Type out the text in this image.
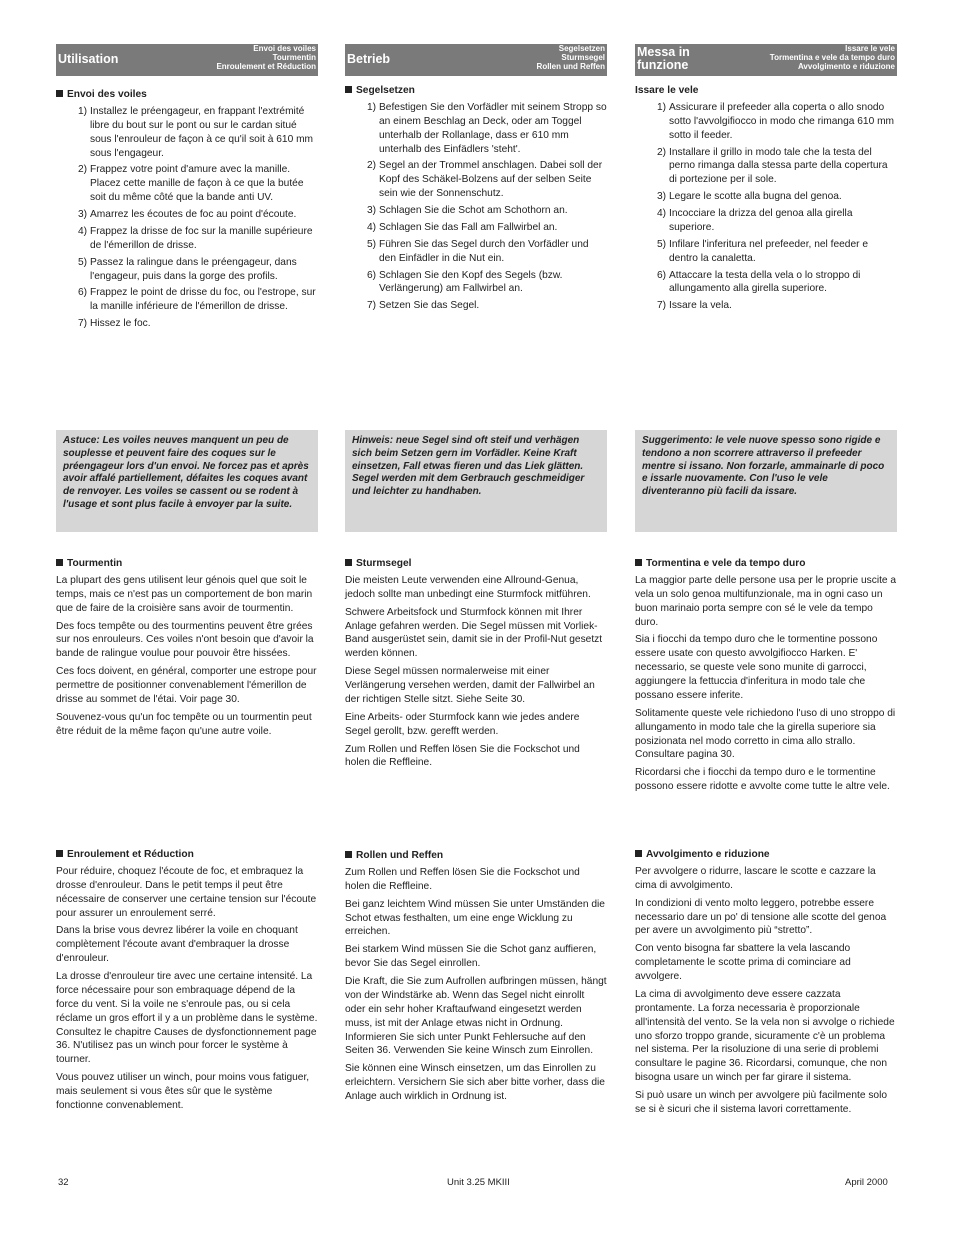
Utilisation
Envoi des voiles
Tourmentin
Enroulement et Réduction
Envoi des voiles
1) Installez le préengageur, en frappant l'extrémité libre du bout sur le pont ou sur le cardan situé sous l'enrouleur de façon à ce qu'il soit à 610 mm sous l'engageur.
2) Frappez votre point d'amure avec la manille. Placez cette manille de façon à ce que la butée soit du même côté que la bande anti UV.
3) Amarrez les écoutes de foc au point d'écoute.
4) Frappez la drisse de foc sur la manille supérieure de l'émerillon de drisse.
5) Passez la ralingue dans le préengageur, dans l'engageur, puis dans la gorge des profils.
6) Frappez le point de drisse du foc, ou l'estrope, sur la manille inférieure de l'émerillon de drisse.
7) Hissez le foc.
Astuce: Les voiles neuves manquent un peu de souplesse et peuvent faire des coques sur le préengageur lors d'un envoi. Ne forcez pas et après avoir affalé partiellement, défaites les coques avant de renvoyer. Les voiles se cassent ou se rodent à l'usage et sont plus facile à envoyer par la suite.
Tourmentin

La plupart des gens utilisent leur génois quel que soit le temps, mais ce n'est pas un comportement de bon marin que de faire de la croisière sans avoir de tourmentin.

Des focs tempête ou des tourmentins peuvent être grées sur nos enrouleurs. Ces voiles n'ont besoin que d'avoir la bande de ralingue voulue pour pouvoir être hissées.

Ces focs doivent, en général, comporter une estrope pour permettre de positionner convenablement l'émerillon de drisse au sommet de l'étai. Voir page 30.

Souvenez-vous qu'un foc tempête ou un tourmentin peut être réduit de la même façon qu'une autre voile.

Enroulement et Réduction

Pour réduire, choquez l'écoute de foc, et embraquez la drosse d'enrouleur. Dans le petit temps il peut être nécessaire de conserver une certaine tension sur l'écoute pour assurer un enroulement serré.

Dans la brise vous devrez libérer la voile en choquant complètement l'écoute avant d'embraquer la drosse d'enrouleur.

La drosse d'enrouleur tire avec une certaine intensité. La force nécessaire pour son embraquage dépend de la force du vent. Si la voile ne s'enroule pas, ou si cela réclame un gros effort il y a un problème dans le système. Consultez le chapitre Causes de dysfonctionnement page 36. N'utilisez pas un winch pour forcer le système à tourner.

Vous pouvez utiliser un winch, pour moins vous fatiguer, mais seulement si vous êtes sûr que le système fonctionne convenablement.

Betrieb
Segelsetzen
Sturmsegel
Rollen und Reffen
Segelsetzen
1) Befestigen Sie den Vorfädler mit seinem Stropp so an einem Beschlag an Deck, oder am Toggel unterhalb der Rollanlage, dass er 610 mm unterhalb des Einfädlers 'steht'.
2) Segel an der Trommel anschlagen. Dabei soll der Kopf des Schäkel-Bolzens auf der selben Seite sein wie der Sonnenschutz.
3) Schlagen Sie die Schot am Schothorn an.
4) Schlagen Sie das Fall am Fallwirbel an.
5) Führen Sie das Segel durch den Vorfädler und den Einfädler in die Nut ein.
6) Schlagen Sie den Kopf des Segels (bzw. Verlängerung) am Fallwirbel an.
7) Setzen Sie das Segel.
Hinweis: neue Segel sind oft steif und verhägen sich beim Setzen gern im Vorfädler. Keine Kraft einsetzen, Fall etwas fieren und das Liek glätten. Segel werden mit dem Gerbrauch geschmeidiger und leichter zu handhaben.
Sturmsegel

Die meisten Leute verwenden eine Allround-Genua, jedoch sollte man unbedingt eine Sturmfock mitführen.

Schwere Arbeitsfock und Sturmfock können mit Ihrer Anlage gefahren werden. Die Segel müssen mit Vorliek-Band ausgerüstet sein, damit sie in der Profil-Nut gesetzt werden können.

Diese Segel müssen normalerweise mit einer Verlängerung versehen werden, damit der Fallwirbel an der richtigen Stelle sitzt. Siehe Seite 30.

Eine Arbeits- oder Sturmfock kann wie jedes andere Segel gerollt, bzw. gerefft werden.

Zum Rollen und Reffen lösen Sie die Fockschot und holen die Reffleine.

Rollen und Reffen

Zum Rollen und Reffen lösen Sie die Fockschot und holen die Reffleine.

Bei ganz leichtem Wind müssen Sie unter Umständen die Schot etwas festhalten, um eine enge Wicklung zu erreichen.

Bei starkem Wind müssen Sie die Schot ganz auffieren, bevor Sie das Segel einrollen.

Die Kraft, die Sie zum Aufrollen aufbringen müssen, hängt von der Windstärke ab. Wenn das Segel nicht einrollt oder ein sehr hoher Kraftaufwand eingesetzt werden muss, ist mit der Anlage etwas nicht in Ordnung. Informieren Sie sich unter Punkt Fehlersuche auf den Seiten 36. Verwenden Sie keine Winsch zum Einrollen.

Sie können eine Winsch einsetzen, um das Einrollen zu erleichtern. Versichern Sie sich aber bitte vorher, dass die Anlage auch wirklich in Ordnung ist.

Messa in funzione
Issare le vele
Tormentina e vele da tempo duro
Avvolgimento e riduzione
Issare le vele
1) Assicurare il prefeeder alla coperta o allo snodo sotto l'avvolgifiocco in modo che rimanga 610 mm sotto il feeder.
2) Installare il grillo in modo tale che la testa del perno rimanga dalla stessa parte della copertura di portezione per il sole.
3) Legare le scotte alla bugna del genoa.
4) Incocciare la drizza del genoa alla girella superiore.
5) Infilare l'inferitura nel prefeeder, nel feeder e dentro la canaletta.
6) Attaccare la testa della vela o lo stroppo di allungamento alla girella superiore.
7) Issare la vela.
Suggerimento: le vele nuove spesso sono rigide e tendono a non scorrere attraverso il prefeeder mentre si issano. Non forzarle, ammainarle di poco e issarle nuovamente. Con l'uso le vele diventeranno più facili da issare.
Tormentina e vele da tempo duro

La maggior parte delle persone usa per le proprie uscite a vela un solo genoa multifunzionale, ma in ogni caso un buon marinaio porta sempre con sé le vele da tempo duro.

Sia i fiocchi da tempo duro che le tormentine possono essere usate con questo avvolgifiocco Harken. E' necessario, se queste vele sono munite di garrocci, aggiungere la fettuccia d'inferitura in modo tale che possano essere inferite.

Solitamente queste vele richiedono l'uso di uno stroppo di allungamento in modo tale che la girella superiore sia posizionata nel modo corretto in cima allo strallo. Consultare pagina 30.

Ricordarsi che i fiocchi da tempo duro e le tormentine possono essere ridotte e avvolte come tutte le altre vele.

Avvolgimento e riduzione

Per avvolgere o ridurre, lascare le scotte e cazzare la cima di avvolgimento.

In condizioni di vento molto leggero, potrebbe essere necessario dare un po' di tensione alle scotte del genoa per avere un avvolgimento più “stretto”.

Con vento bisogna far sbattere la vela lascando completamente le scotte prima di cominciare ad avvolgere.

La cima di avvolgimento deve essere cazzata prontamente. La forza necessaria è proporzionale all'intensità del vento. Se la vela non si avvolge o richiede uno sforzo troppo grande, sicuramente c'è un problema nel sistema. Per la risoluzione di una serie di problemi consultare le pagine 36. Ricordarsi, comunque, che non bisogna usare un winch per far girare il sistema.

Si può usare un winch per avvolgere più facilmente solo se si è sicuri che il sistema lavori correttamente.

32	Unit 3.25 MKIII	April 2000
